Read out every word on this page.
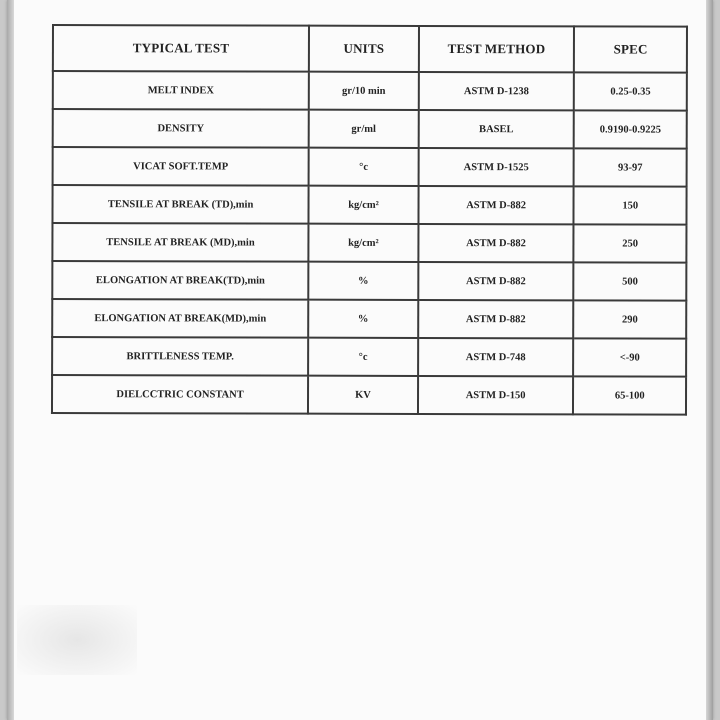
TYPICAL TEST	UNITS	TEST METHOD	SPEC
MELT INDEX	gr/10 min	ASTM D-1238	0.25-0.35
DENSITY	gr/ml	BASEL	0.9190-0.9225
VICAT SOFT.TEMP	°c	ASTM D-1525	93-97
TENSILE AT BREAK (TD),min	kg/cm²	ASTM D-882	150
TENSILE AT BREAK (MD),min	kg/cm²	ASTM D-882	250
ELONGATION AT BREAK(TD),min	%	ASTM D-882	500
ELONGATION AT BREAK(MD),min	%	ASTM D-882	290
BRITTLENESS TEMP.	°c	ASTM D-748	<-90
DIELCCTRIC CONSTANT	KV	ASTM D-150	65-100
